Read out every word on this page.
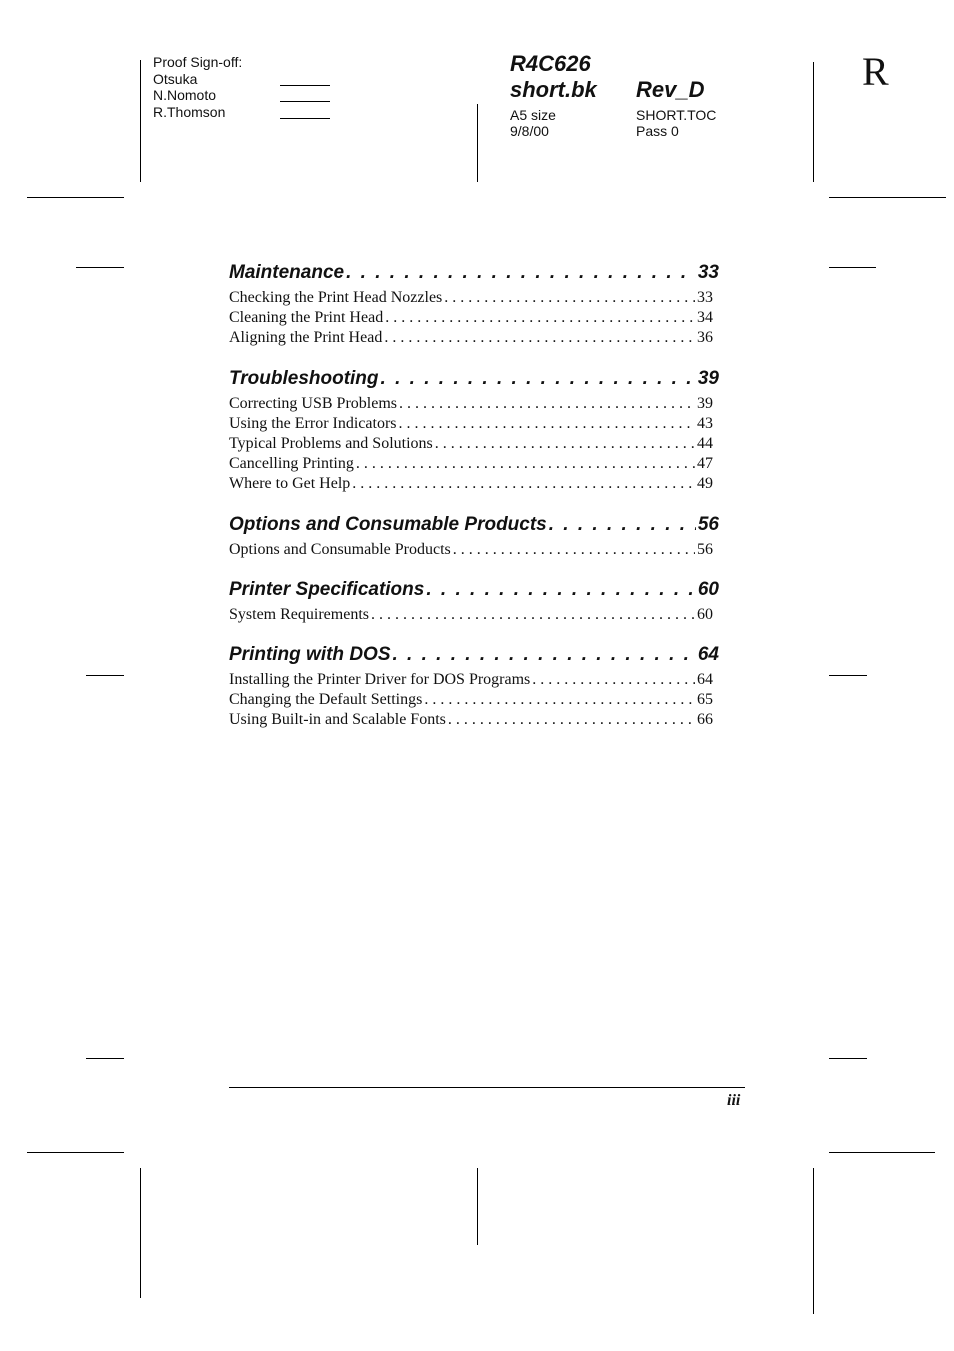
Proof Sign-off:
Otsuka
N.Nomoto
R.Thomson
R4C626
short.bk Rev_D
A5 size
9/8/00
SHORT.TOC
Pass 0
R
Maintenance . . .	33
Checking the Print Head Nozzles . . .	33
Cleaning the Print Head . . .	34
Aligning the Print Head . . .	36
Troubleshooting . . .	39
Correcting USB Problems . . .	39
Using the Error Indicators . . .	43
Typical Problems and Solutions . . .	44
Cancelling Printing . . .	47
Where to Get Help . . .	49
Options and Consumable Products . . .	56
Options and Consumable Products . . .	56
Printer Specifications . . .	60
System Requirements . . .	60
Printing with DOS . . .	64
Installing the Printer Driver for DOS Programs . . .	64
Changing the Default Settings . . .	65
Using Built-in and Scalable Fonts . . .	66
iii
